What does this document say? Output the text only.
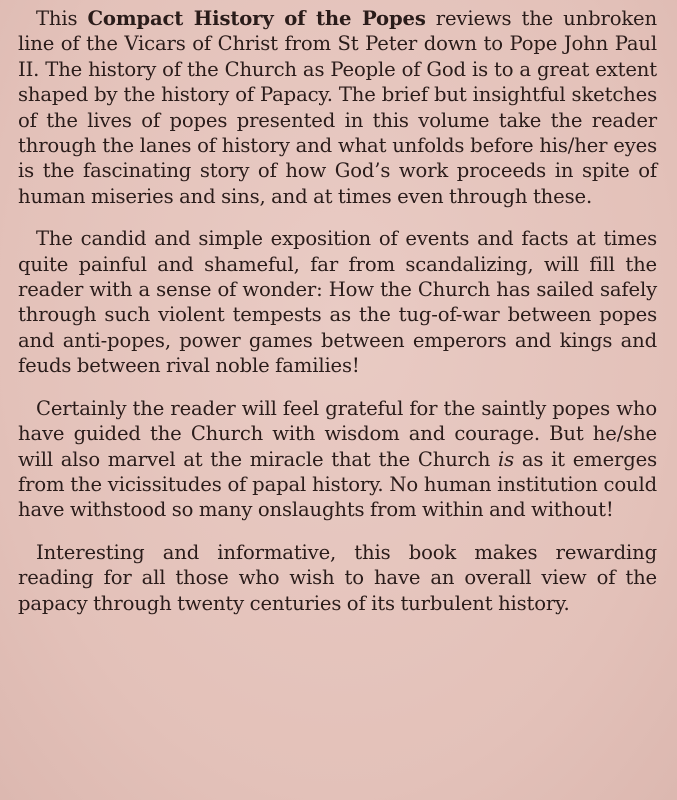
This Compact History of the Popes reviews the unbroken line of the Vicars of Christ from St Peter down to Pope John Paul II. The history of the Church as People of God is to a great extent shaped by the history of Papacy. The brief but insightful sketches of the lives of popes presented in this volume take the reader through the lanes of history and what unfolds before his/her eyes is the fascinating story of how God’s work proceeds in spite of human miseries and sins, and at times even through these.

The candid and simple exposition of events and facts at times quite painful and shameful, far from scandalizing, will fill the reader with a sense of wonder: How the Church has sailed safely through such violent tempests as the tug-of-war between popes and anti-popes, power games between emperors and kings and feuds between rival noble families!

Certainly the reader will feel grateful for the saintly popes who have guided the Church with wisdom and courage. But he/she will also marvel at the miracle that the Church is as it emerges from the vicissitudes of papal history. No human institution could have withstood so many onslaughts from within and without!

Interesting and informative, this book makes rewarding reading for all those who wish to have an overall view of the papacy through twenty centuries of its turbulent history.
